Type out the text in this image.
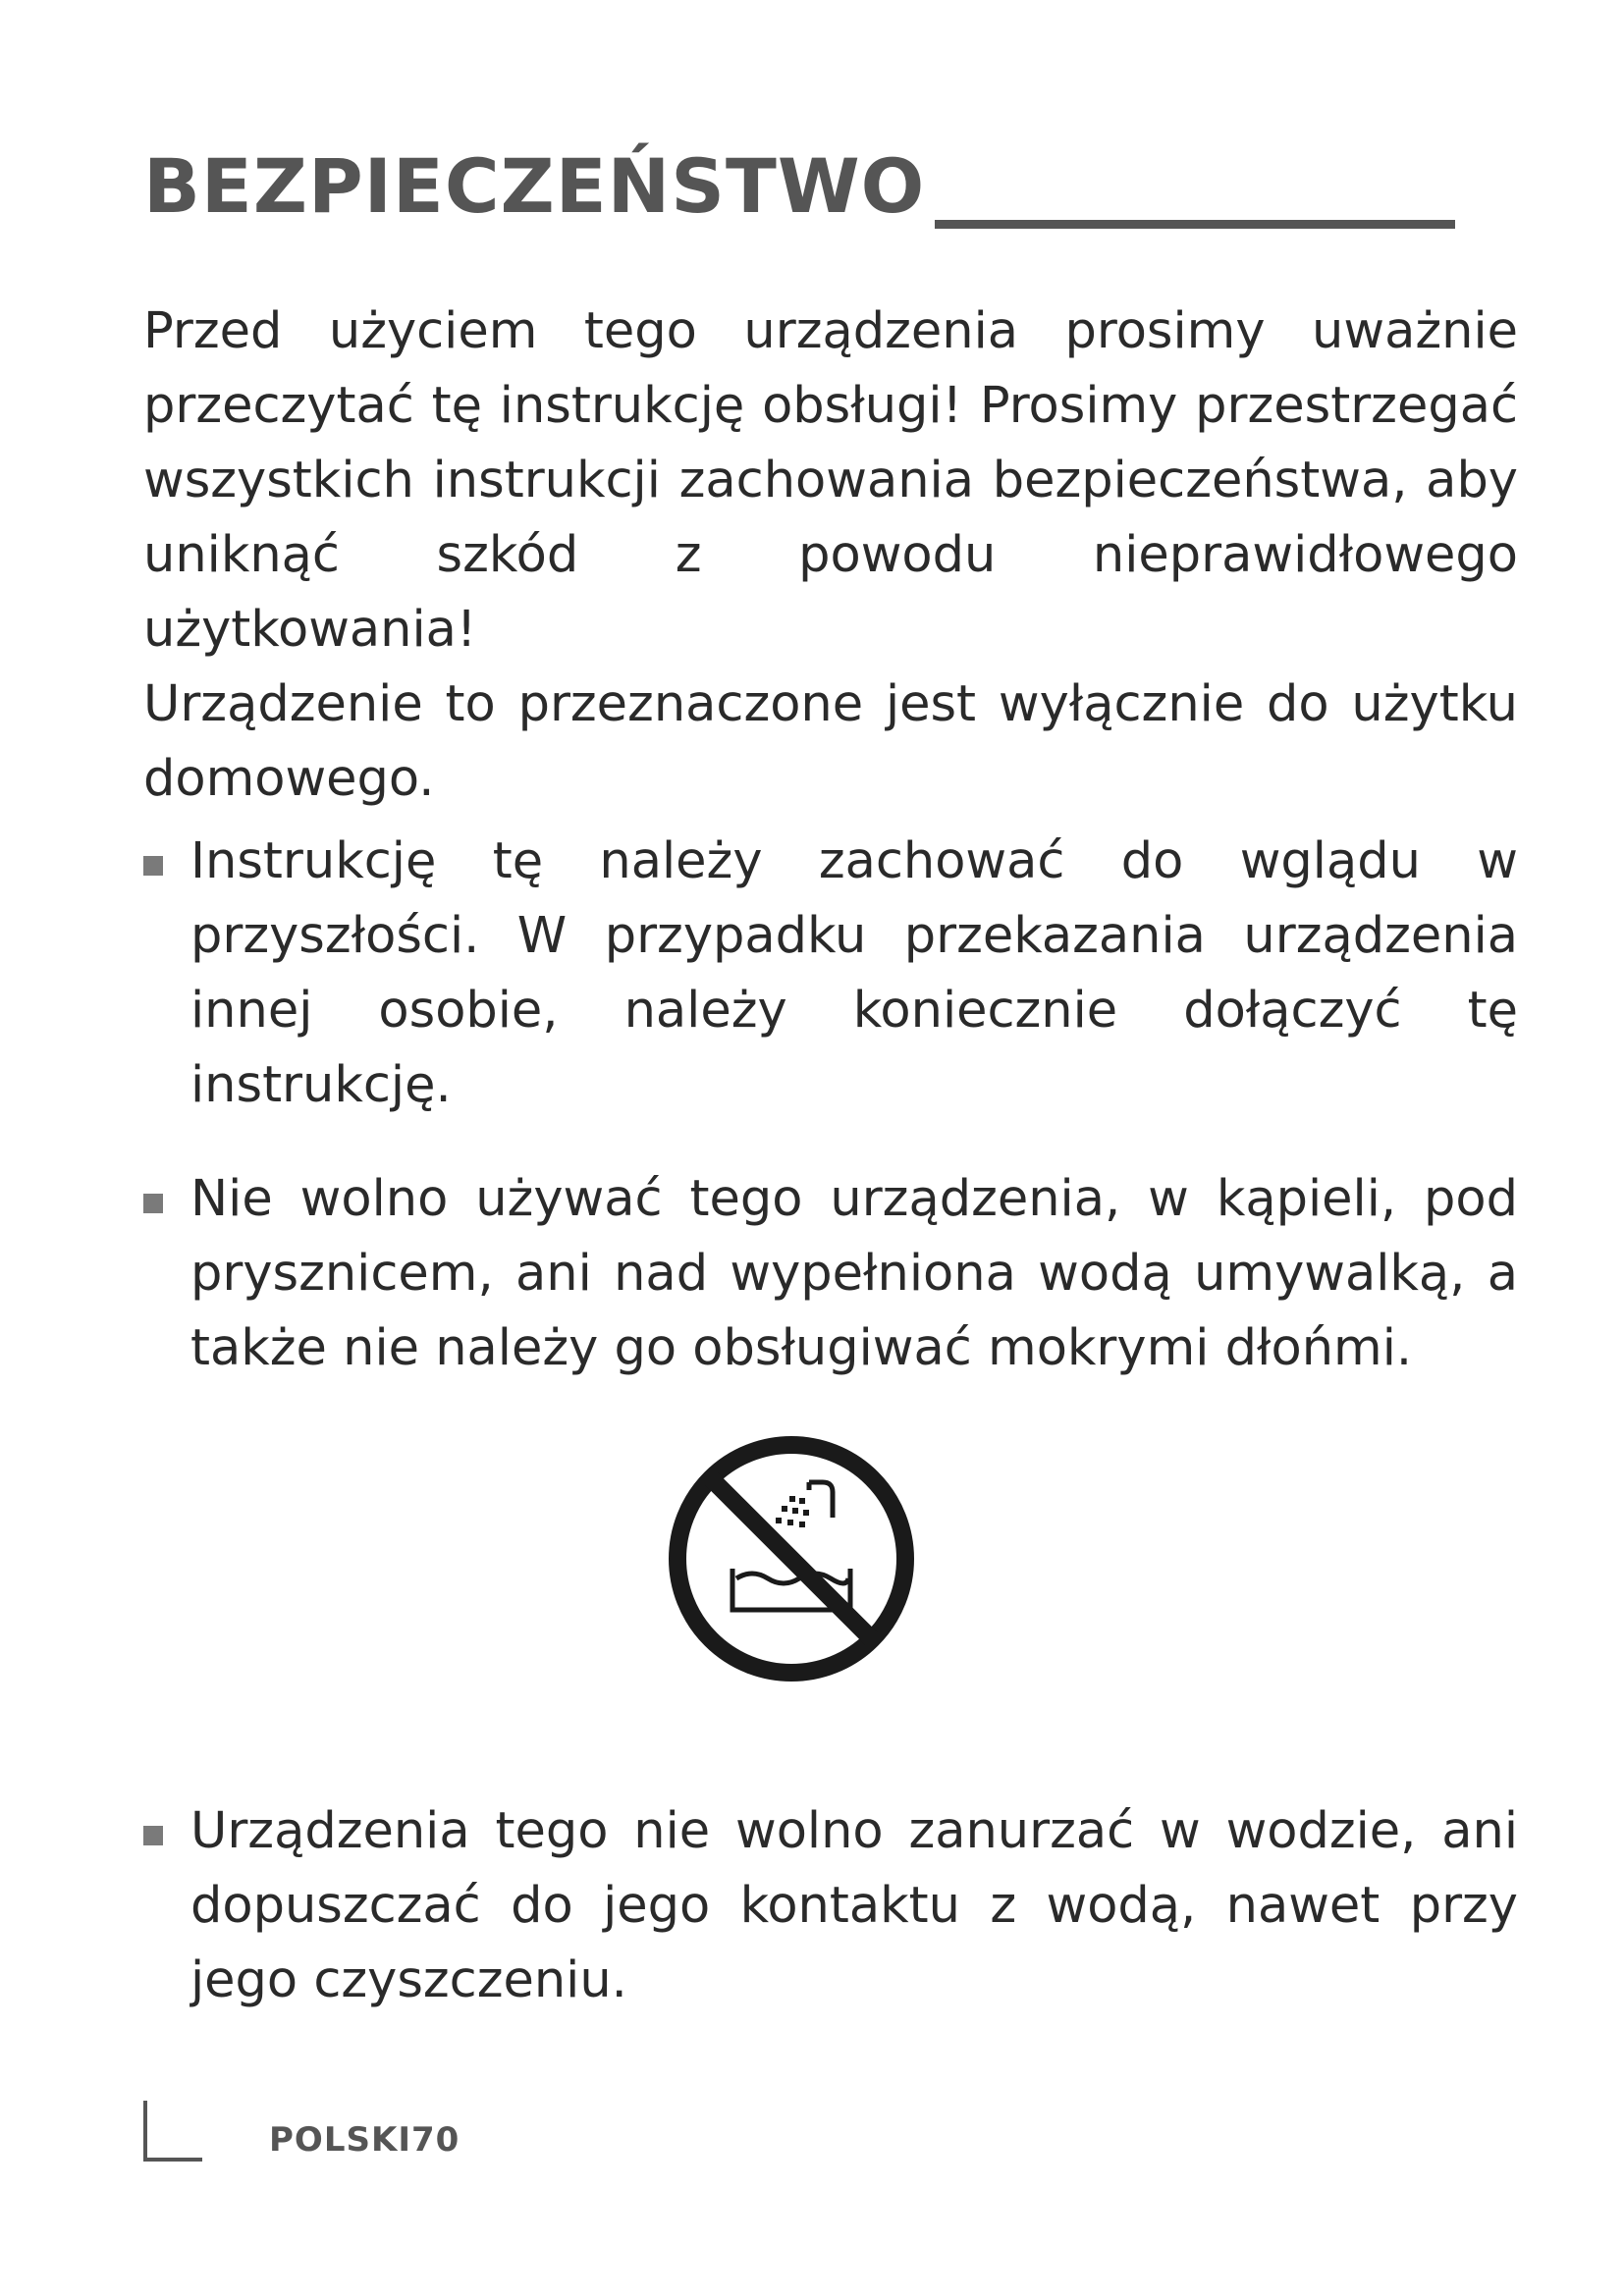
BEZPIECZEŃSTWO

Przed użyciem tego urządzenia prosimy uważnie przeczytać tę instrukcję obsługi! Prosimy przestrzegać wszystkich instrukcji zachowania bezpieczeństwa, aby uniknąć szkód z powodu nieprawidłowego użytkowania!

Urządzenie to przeznaczone jest wyłącznie do użytku domowego.

Instrukcję tę należy zachować do wglądu w przyszłości. W przypadku przekazania urządzenia innej osobie, należy koniecznie dołączyć tę instrukcję.
Nie wolno używać tego urządzenia, w kąpieli, pod prysznicem, ani nad wypełniona wodą umywalką, a także nie należy go obsługiwać mokrymi dłońmi.
Urządzenia tego nie wolno zanurzać w wodzie, ani dopuszczać do jego kontaktu z wodą, nawet przy jego czyszczeniu.
POLSKI70
